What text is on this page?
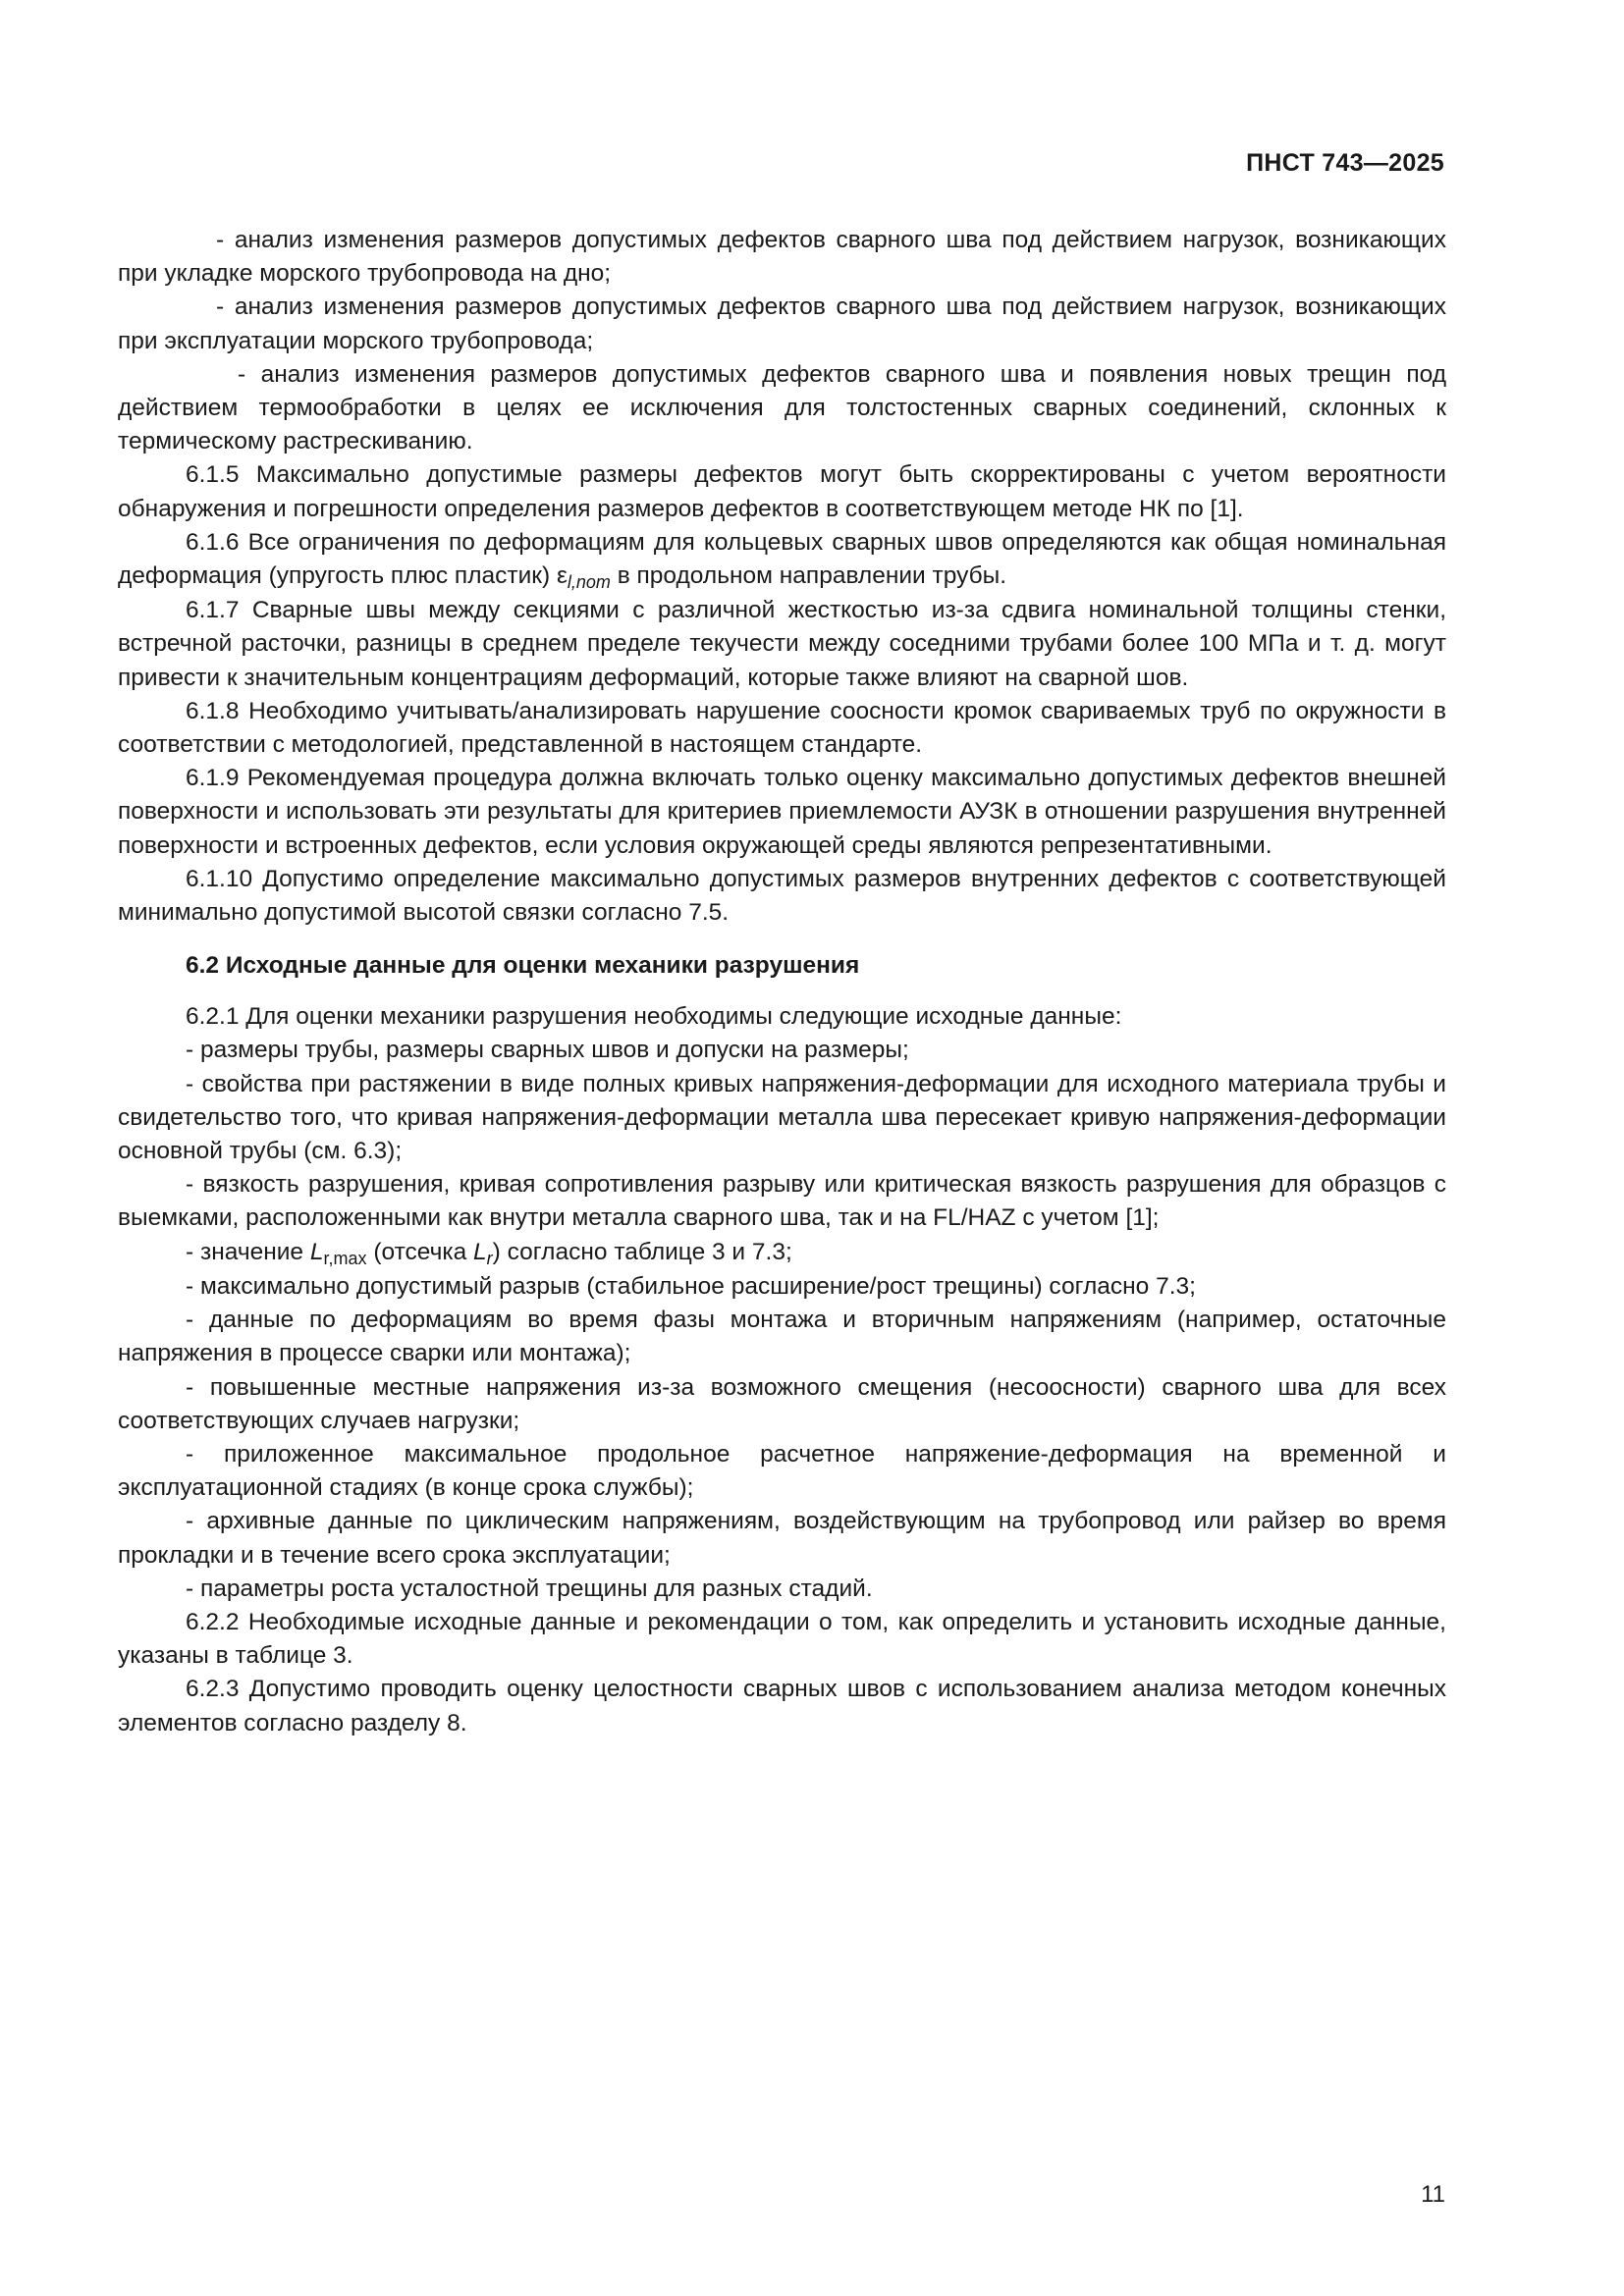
ПНСТ 743—2025

- анализ изменения размеров допустимых дефектов сварного шва под действием нагрузок, возникающих при укладке морского трубопровода на дно;

- анализ изменения размеров допустимых дефектов сварного шва под действием нагрузок, возникающих при эксплуатации морского трубопровода;

- анализ изменения размеров допустимых дефектов сварного шва и появления новых трещин под действием термообработки в целях ее исключения для толстостенных сварных соединений, склонных к термическому растрескиванию.

6.1.5 Максимально допустимые размеры дефектов могут быть скорректированы с учетом вероятности обнаружения и погрешности определения размеров дефектов в соответствующем методе НК по [1].

6.1.6 Все ограничения по деформациям для кольцевых сварных швов определяются как общая номинальная деформация (упругость плюс пластик) $\varepsilon_{l,nom}$ в продольном направлении трубы.

6.1.7 Сварные швы между секциями с различной жесткостью из-за сдвига номинальной толщины стенки, встречной расточки, разницы в среднем пределе текучести между соседними трубами более 100 МПа и т. д. могут привести к значительным концентрациям деформаций, которые также влияют на сварной шов.

6.1.8 Необходимо учитывать/анализировать нарушение соосности кромок свариваемых труб по окружности в соответствии с методологией, представленной в настоящем стандарте.

6.1.9 Рекомендуемая процедура должна включать только оценку максимально допустимых дефектов внешней поверхности и использовать эти результаты для критериев приемлемости АУЗК в отношении разрушения внутренней поверхности и встроенных дефектов, если условия окружающей среды являются репрезентативными.

6.1.10 Допустимо определение максимально допустимых размеров внутренних дефектов с соответствующей минимально допустимой высотой связки согласно 7.5.

6.2 Исходные данные для оценки механики разрушения

6.2.1 Для оценки механики разрушения необходимы следующие исходные данные:

- размеры трубы, размеры сварных швов и допуски на размеры;

- свойства при растяжении в виде полных кривых напряжения-деформации для исходного материала трубы и свидетельство того, что кривая напряжения-деформации металла шва пересекает кривую напряжения-деформации основной трубы (см. 6.3);

- вязкость разрушения, кривая сопротивления разрыву или критическая вязкость разрушения для образцов с выемками, расположенными как внутри металла сварного шва, так и на FL/HAZ с учетом [1];

- значение $L_{r,max}$ (отсечка $L_r$) согласно таблице 3 и 7.3;

- максимально допустимый разрыв (стабильное расширение/рост трещины) согласно 7.3;

- данные по деформациям во время фазы монтажа и вторичным напряжениям (например, остаточные напряжения в процессе сварки или монтажа);

- повышенные местные напряжения из-за возможного смещения (несоосности) сварного шва для всех соответствующих случаев нагрузки;

- приложенное максимальное продольное расчетное напряжение-деформация на временной и эксплуатационной стадиях (в конце срока службы);

- архивные данные по циклическим напряжениям, воздействующим на трубопровод или райзер во время прокладки и в течение всего срока эксплуатации;

- параметры роста усталостной трещины для разных стадий.

6.2.2 Необходимые исходные данные и рекомендации о том, как определить и установить исходные данные, указаны в таблице 3.

6.2.3 Допустимо проводить оценку целостности сварных швов с использованием анализа методом конечных элементов согласно разделу 8.

11
